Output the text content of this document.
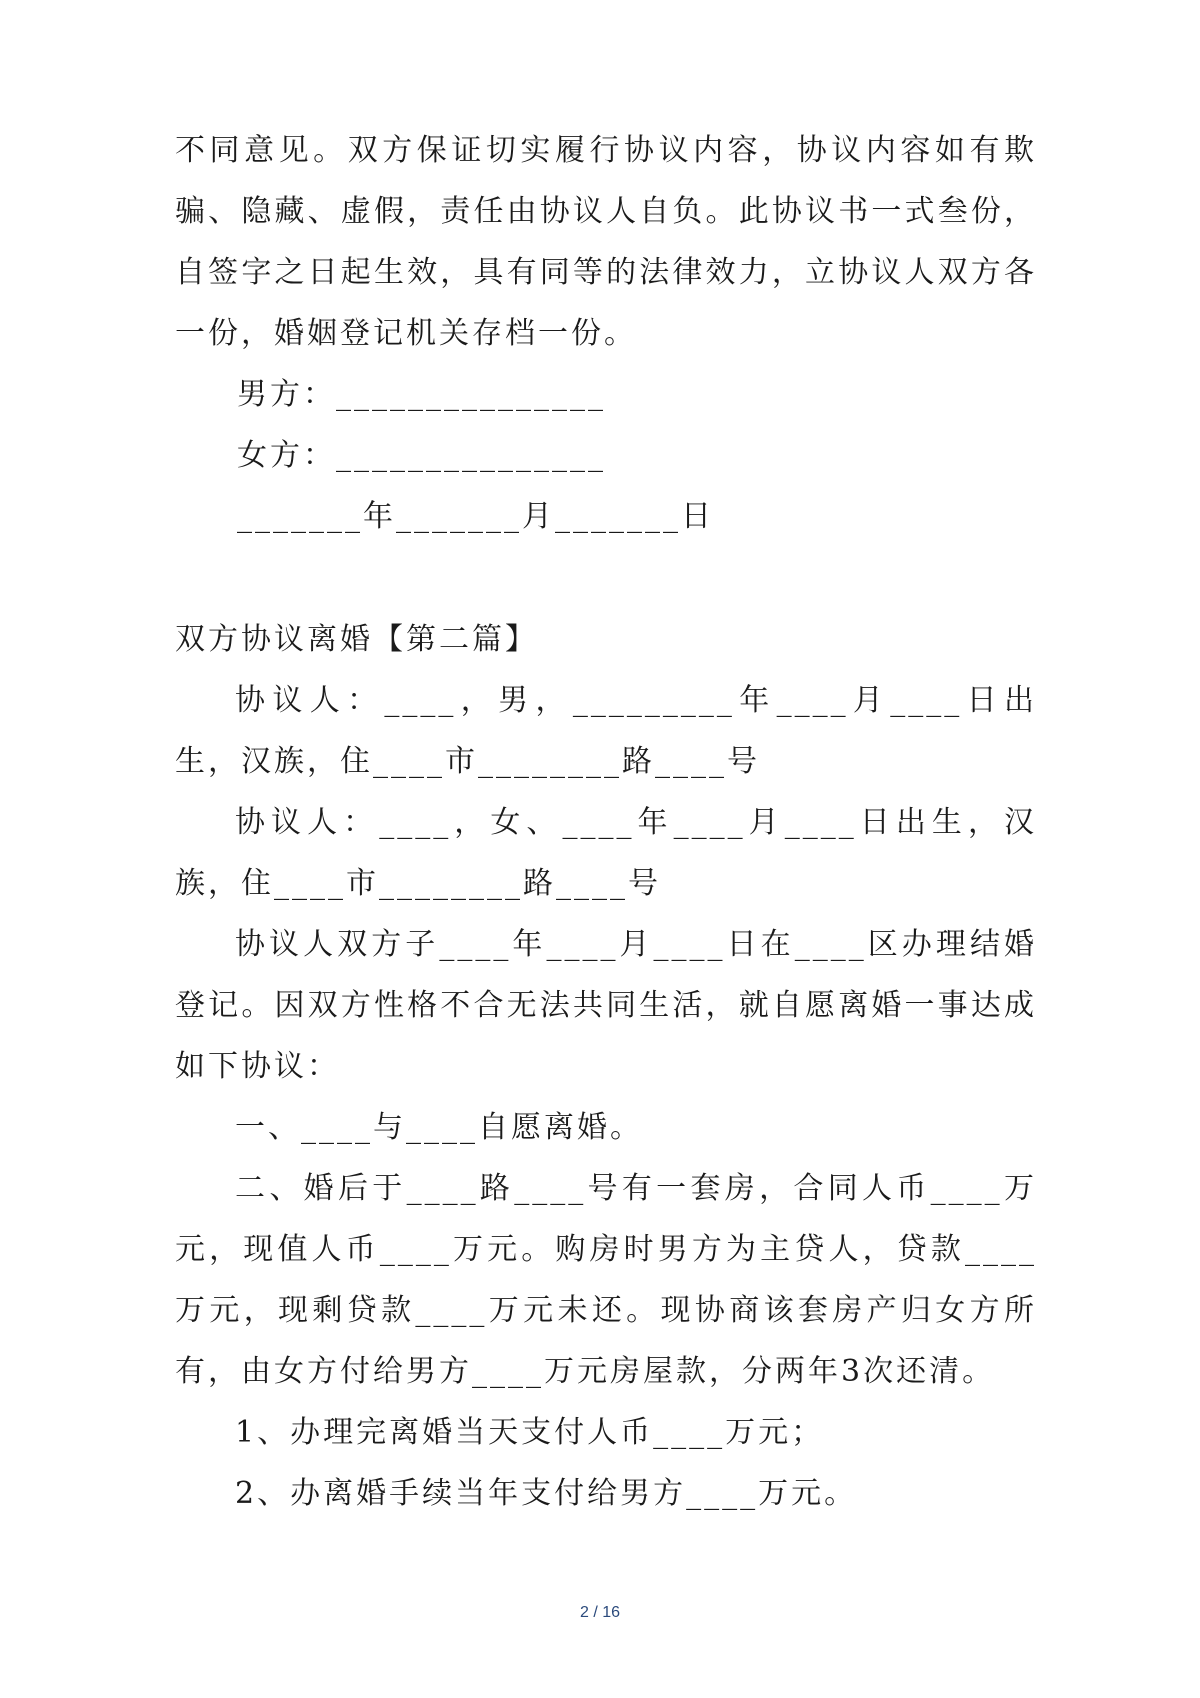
不同意见。双方保证切实履行协议内容，协议内容如有欺骗、隐藏、虚假，责任由协议人自负。此协议书一式叁份，自签字之日起生效，具有同等的法律效力，立协议人双方各一份，婚姻登记机关存档一份。

男方：_______________

女方：_______________

_______年_______月_______日

双方协议离婚【第二篇】

协议人：____，男，_________年____月____日出生，汉族，住____市________路____号

协议人：____，女、____年____月____日出生，汉族，住____市________路____号

协议人双方子____年____月____日在____区办理结婚登记。因双方性格不合无法共同生活，就自愿离婚一事达成如下协议：

一、____与____自愿离婚。

二、婚后于____路____号有一套房，合同人币____万元，现值人币____万元。购房时男方为主贷人，贷款____万元，现剩贷款____万元未还。现协商该套房产归女方所有，由女方付给男方____万元房屋款，分两年3次还清。

1、办理完离婚当天支付人币____万元；

2、办离婚手续当年支付给男方____万元。

2 / 16
